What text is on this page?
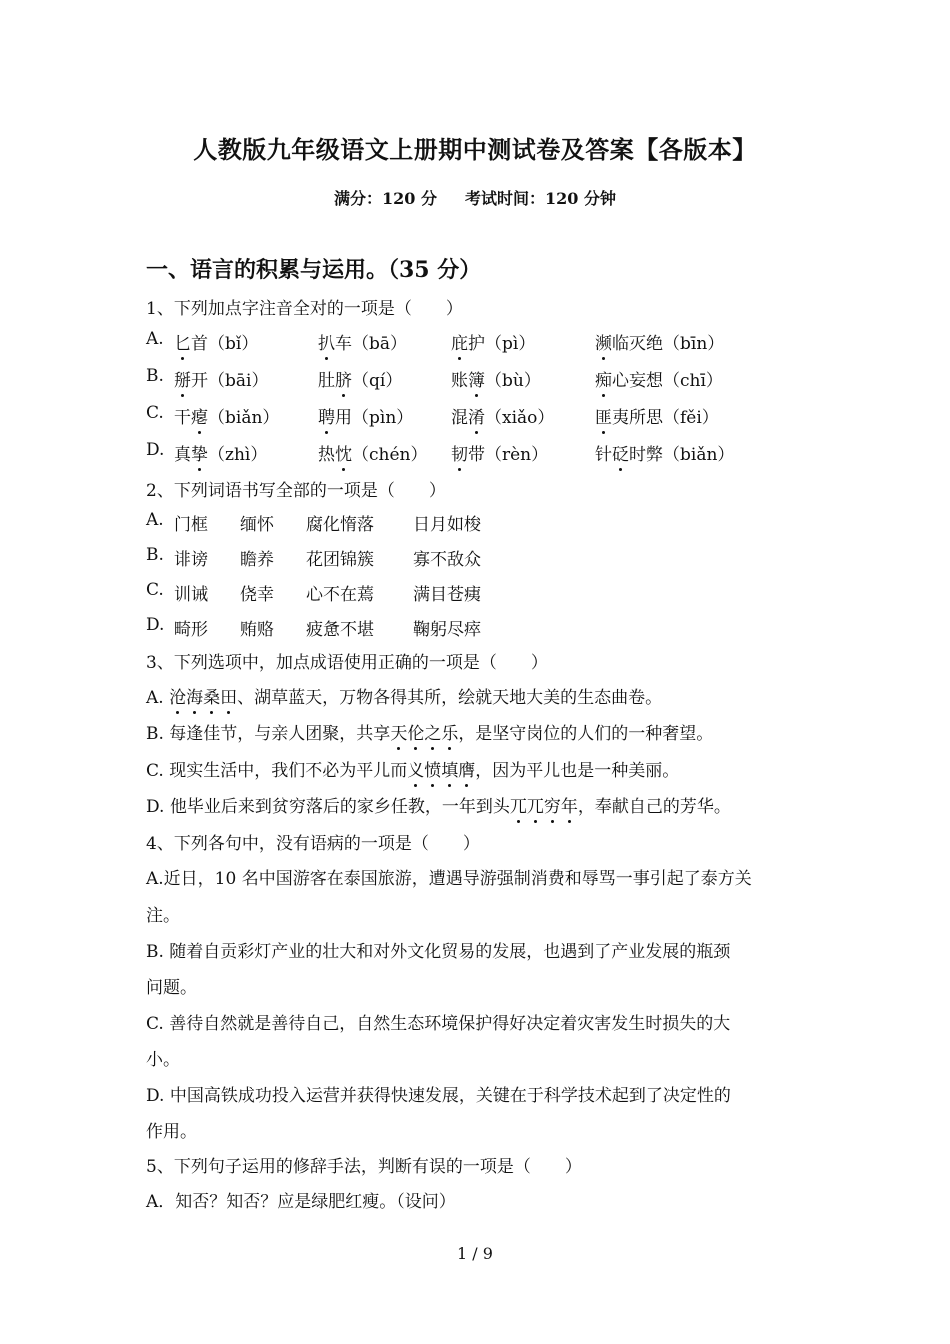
人教版九年级语文上册期中测试卷及答案【各版本】
满分：120 分 考试时间：120 分钟
一、语言的积累与运用。（35 分）
1、下列加点字注音全对的一项是（　　）
A. 匕首（bǐ）	扒车（bā）	庇护（pì）	濒临灭绝（bīn）
B. 掰开（bāi）	肚脐（qí）	账簿（bù）	痴心妄想（chī）
C. 干瘪（biǎn） 聘用（pìn） 混淆（xiǎo） 匪夷所思（fěi）
D. 真挚（zhì）	热忱（chén） 韧带（rèn）	针砭时弊（biǎn）
2、下列词语书写全部的一项是（　　）
A. 门框 缅怀 腐化惰落 日月如梭
B. 诽谤 瞻养 花团锦簇 寡不敌众
C. 训诫 侥幸 心不在蔫 满目苍痍
D. 畸形 贿赂 疲惫不堪 鞠躬尽瘁
3、下列选项中，加点成语使用正确的一项是（　　）
A. 沧海桑田、湖草蓝天，万物各得其所，绘就天地大美的生态曲卷。
B. 每逢佳节，与亲人团聚，共享天伦之乐，是坚守岗位的人们的一种奢望。
C. 现实生活中，我们不必为平儿而义愤填膺，因为平儿也是一种美丽。
D. 他毕业后来到贫穷落后的家乡任教，一年到头兀兀穷年，奉献自己的芳华。
4、下列各句中，没有语病的一项是（　　）
A.近日，10 名中国游客在泰国旅游，遭遇导游强制消费和辱骂一事引起了泰方关
注。
B. 随着自贡彩灯产业的壮大和对外文化贸易的发展，也遇到了产业发展的瓶颈
问题。
C. 善待自然就是善待自己，自然生态环境保护得好决定着灾害发生时损失的大
小。
D. 中国高铁成功投入运营并获得快速发展，关键在于科学技术起到了决定性的
作用。
5、下列句子运用的修辞手法，判断有误的一项是（　　）
A．知否？知否？应是绿肥红瘦。（设问）
1 / 9
